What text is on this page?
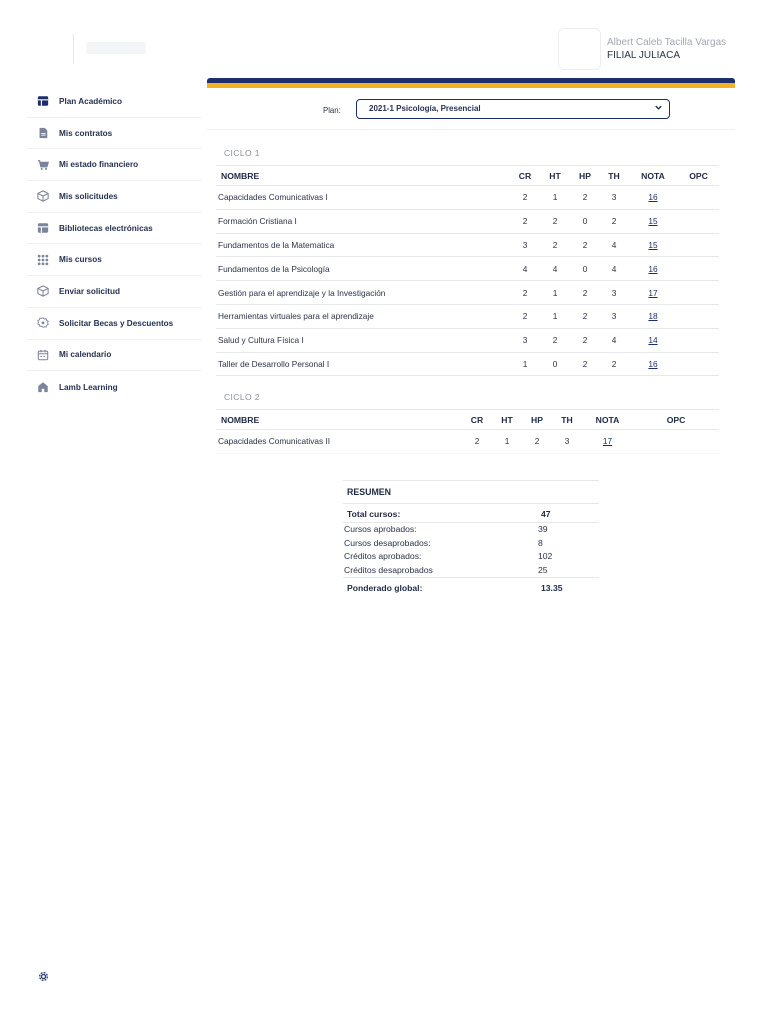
Albert Caleb Tacilla Vargas
FILIAL JULIACA
Plan Académico
Mis contratos
Mi estado financiero
Mis solicitudes
Bibliotecas electrónicas
Mis cursos
Enviar solicitud
Solicitar Becas y Descuentos
Mi calendario
Lamb Learning
Plan:	2021-1 Psicología, Presencial
CICLO 1
NOMBRE	CR	HT	HP	TH	NOTA	OPC
Capacidades Comunicativas I	2	1	2	3	16	
Formación Cristiana I	2	2	0	2	15	
Fundamentos de la Matematica	3	2	2	4	15	
Fundamentos de la Psicología	4	4	0	4	16	
Gestión para el aprendizaje y la Investigación	2	1	2	3	17	
Herramientas virtuales para el aprendizaje	2	1	2	3	18	
Salud y Cultura Física I	3	2	2	4	14	
Taller de Desarrollo Personal I	1	0	2	2	16	
CICLO 2
NOMBRE	CR	HT	HP	TH	NOTA	OPC
Capacidades Comunicativas II	2	1	2	3	17	
RESUMEN
Total cursos:	47
Cursos aprobados:	39
Cursos desaprobados:	8
Créditos aprobados:	102
Créditos desaprobados	25
Ponderado global:	13.35
